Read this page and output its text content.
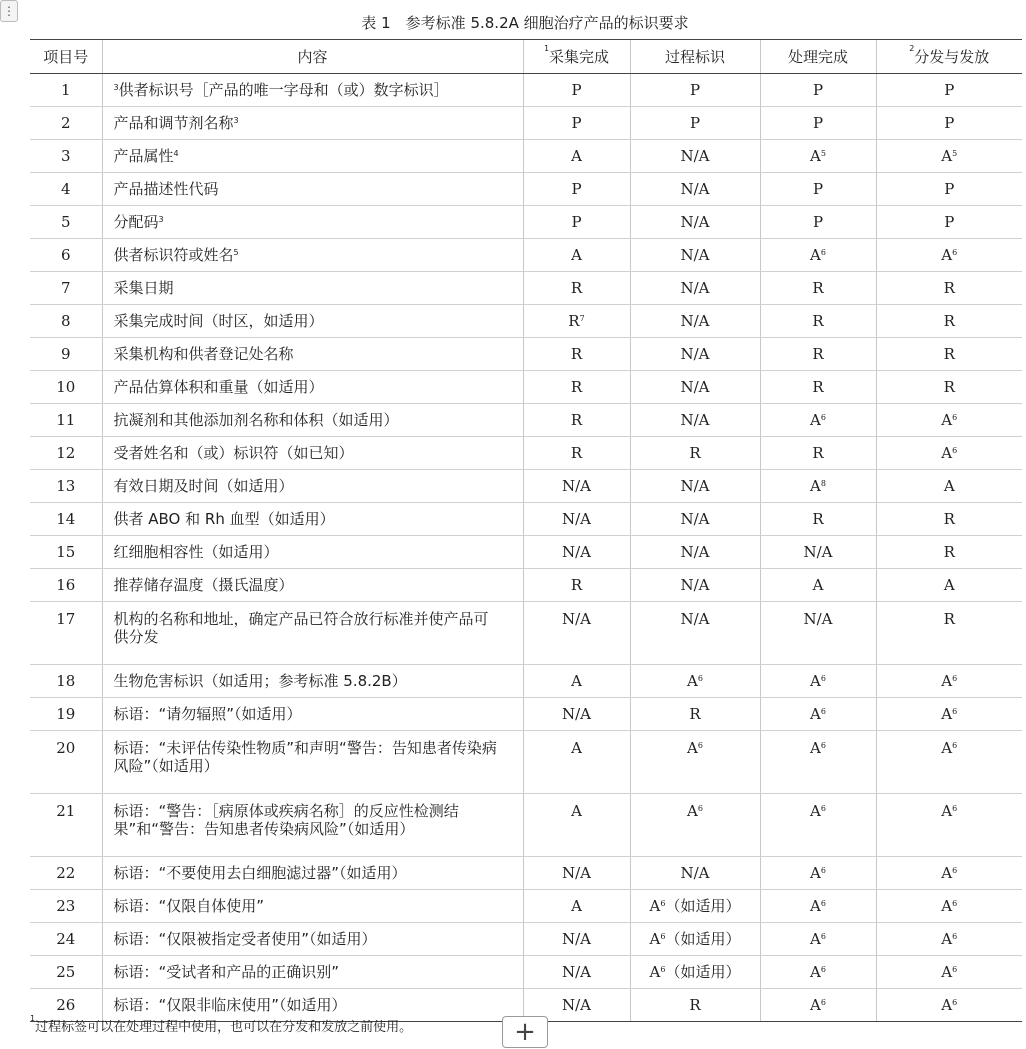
⋮
表 1　参考标准 5.8.2A 细胞治疗产品的标识要求
项目号	内容	$^1$采集完成	过程标识	处理完成	$^2$分发与发放
1	$^3$供者标识号［产品的唯一字母和（或）数字标识］	P	P	P	P
2	产品和调节剂名称$^3$	P	P	P	P
3	产品属性$^4$	A	N/A	$A^5$	$A^5$
4	产品描述性代码	P	N/A	P	P
5	分配码$^3$	P	N/A	P	P
6	供者标识符或姓名$^5$	A	N/A	$A^6$	$A^6$
7	采集日期	R	N/A	R	R
8	采集完成时间（时区，如适用）	$R^7$	N/A	R	R
9	采集机构和供者登记处名称	R	N/A	R	R
10	产品估算体积和重量（如适用）	R	N/A	R	R
11	抗凝剂和其他添加剂名称和体积（如适用）	R	N/A	$A^6$	$A^6$
12	受者姓名和（或）标识符（如已知）	R	R	R	$A^6$
13	有效日期及时间（如适用）	N/A	N/A	$A^8$	A
14	供者 ABO 和 Rh 血型（如适用）	N/A	N/A	R	R
15	红细胞相容性（如适用）	N/A	N/A	N/A	R
16	推荐储存温度（摄氏温度）	R	N/A	A	A
17	机构的名称和地址，确定产品已符合放行标准并使产品可供分发	N/A	N/A	N/A	R
18	生物危害标识（如适用；参考标准 5.8.2B）	A	$A^6$	$A^6$	$A^6$
19	标语：“请勿辐照”（如适用）	N/A	R	$A^6$	$A^6$
20	标语：“未评估传染性物质”和声明“警告：告知患者传染病风险”（如适用）	A	$A^6$	$A^6$	$A^6$
21	标语：“警告：［病原体或疾病名称］的反应性检测结果”和“警告：告知患者传染病风险”（如适用）	A	$A^6$	$A^6$	$A^6$
22	标语：“不要使用去白细胞滤过器”（如适用）	N/A	N/A	$A^6$	$A^6$
23	标语：“仅限自体使用”	A	$A^6$（如适用）	$A^6$	$A^6$
24	标语：“仅限被指定受者使用”（如适用）	N/A	$A^6$（如适用）	$A^6$	$A^6$
25	标语：“受试者和产品的正确识别”	N/A	$A^6$（如适用）	$A^6$	$A^6$
26	标语：“仅限非临床使用”（如适用）	N/A	R	$A^6$	$A^6$
$^1$过程标签可以在处理过程中使用，也可以在分发和发放之前使用。	+
